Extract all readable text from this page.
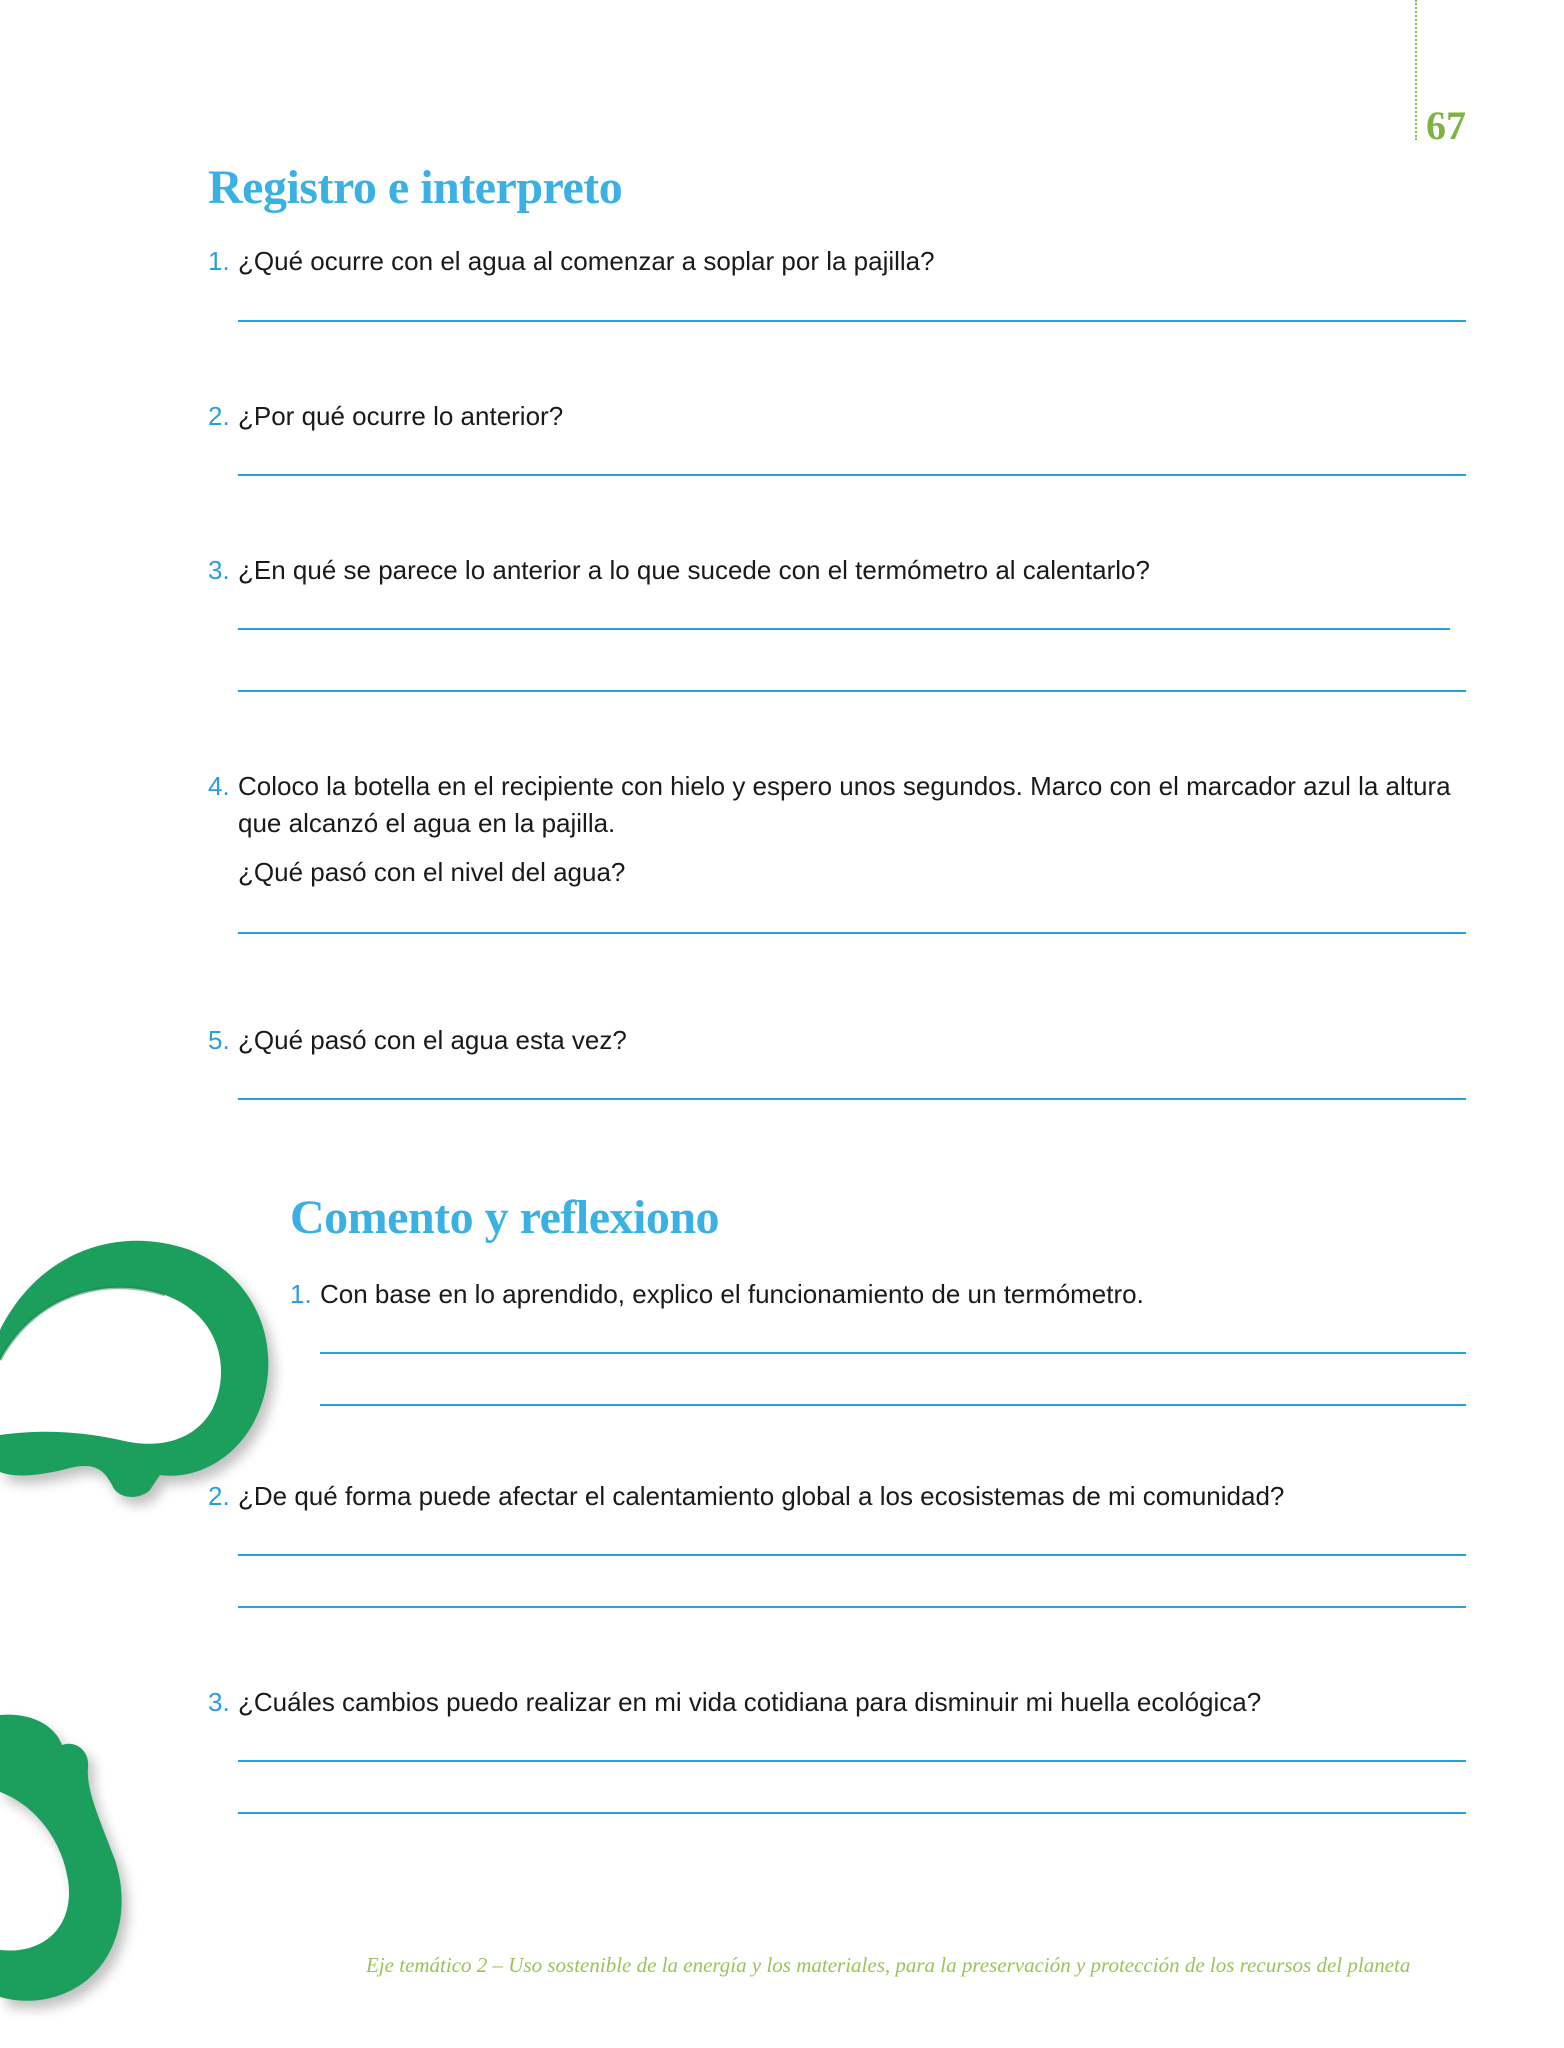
67
Registro e interpreto
1. ¿Qué ocurre con el agua al comenzar a soplar por la pajilla?
2. ¿Por qué ocurre lo anterior?
3. ¿En qué se parece lo anterior a lo que sucede con el termómetro al calentarlo?
4. Coloco la botella en el recipiente con hielo y espero unos segundos. Marco con el marcador azul la altura que alcanzó el agua en la pajilla.
¿Qué pasó con el nivel del agua?
5. ¿Qué pasó con el agua esta vez?
Comento y reflexiono
1. Con base en lo aprendido, explico el funcionamiento de un termómetro.
2. ¿De qué forma puede afectar el calentamiento global a los ecosistemas de mi comunidad?
3. ¿Cuáles cambios puedo realizar en mi vida cotidiana para disminuir mi huella ecológica?
Eje temático 2 – Uso sostenible de la energía y los materiales, para la preservación y protección de los recursos del planeta
